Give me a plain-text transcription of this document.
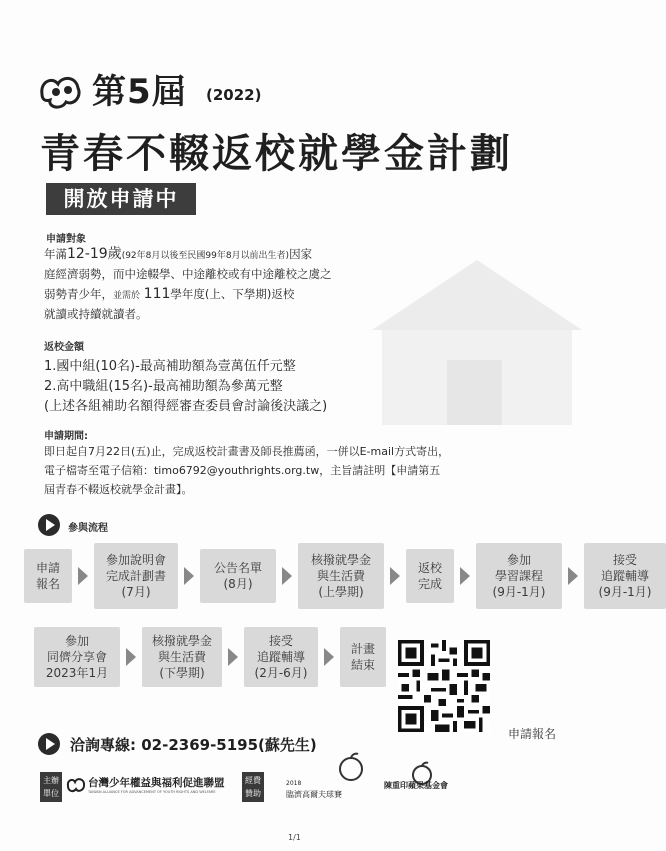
第5屆 (2022)
青春不輟返校就學金計劃
開放申請中
申請對象
年滿12-19歲(92年8月以後至民國99年8月以前出生者)因家
庭經濟弱勢，而中途輟學、中途離校或有中途離校之虞之
弱勢青少年，並需於 111學年度(上、下學期)返校
就讀或持續就讀者。
返校金額
1.國中組(10名)-最高補助額為壹萬伍仟元整
2.高中職組(15名)-最高補助額為參萬元整
(上述各組補助名額得經審查委員會討論後決議之)
申請期間:
即日起自7月22日(五)止，完成返校計畫書及師長推薦函，一併以E-mail方式寄出，
電子檔寄至電子信箱：timo6792@youthrights.org.tw，主旨請註明【申請第五
屆青春不輟返校就學金計畫】。
參與流程
申請
報名
參加說明會
完成計劃書
(7月)
公告名單
(8月)
核撥就學金
與生活費
(上學期)
返校
完成
參加
學習課程
(9月-1月)
接受
追蹤輔導
(9月-1月)
參加
同儕分享會
2023年1月
核撥就學金
與生活費
(下學期)
接受
追蹤輔導
(2月-6月)
計畫
結束
申請報名
洽詢專線: 02-2369-5195(蘇先生)
主辦單位
台灣少年權益與福利促進聯盟
TAIWAN ALLIANCE FOR ADVANCEMENT OF YOUTH RIGHTS AND WELFARE
經費贊助
2018
臨濟高爾夫球賽
陳重印蘋果基金會
1/1
